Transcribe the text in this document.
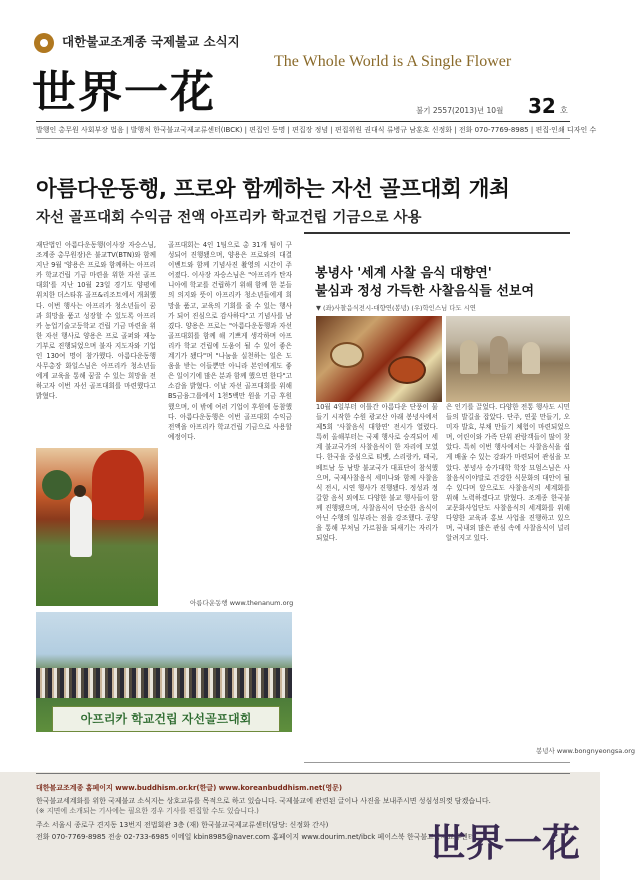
대한불교조계종 국제불교 소식지
世界一花
The Whole World is A Single Flower
불기 2557(2013)년 10월 32 호
발행인 총무원 사회부장 법음 | 발행처 한국불교국제교류센터(IBCK) | 편집인 등명 | 편집장 정념 | 편집위원 권대식 류병규 남훈호 신정화 | 전화 070-7769-8985 | 편집·인쇄 디자인 수
아름다운동행, 프로와 함께하는 자선 골프대회 개최
자선 골프대회 수익금 전액 아프리카 학교건립 기금으로 사용
재단법인 아름다운동행(이사장 자승스님, 조계종 총무원장)은 불교TV(BTN)와 함께 지난 9월 '양용은 프로와 함께하는 아프리카 학교건립 기금 마련을 위한 자선 골프대회'를 지난 10월 23일 경기도 양평에 위치한 더스타휴 골프&리조트에서 개최했다. 이번 행사는 아프리카 청소년들이 꿈과 희망을 품고 성장할 수 있도록 아프리카 농업기술고등학교 건립 기금 마련을 위한 자선 행사로 양용은 프로 골퍼와 재능 기부로 진행되었으며 불자 지도자와 기업인 130여 명이 참가했다. 아름다운동행 사무총장 화일스님은 아프리카 청소년들에게 교육을 통해 꿈꿀 수 있는 희망을 전하고자 이번 자선 골프대회를 마련했다고 밝혔다.
골프대회는 4인 1팀으로 총 31개 팀이 구성되어 진행됐으며, 양용은 프로와의 대결 이벤트와 함께 기념사진 촬영의 시간이 주어졌다. 이사장 자승스님은 "아프리카 탄자니아에 학교를 건립하기 위해 함께 한 분들의 의지와 뜻이 아프리카 청소년들에게 희망을 품고, 교육의 기회를 줄 수 있는 행사가 되어 진심으로 감사하다"고 기념사를 남겼다. 양용은 프로는 "아름다운동행과 자선 골프대회를 함께 해 기쁘게 생각하며 아프리카 학교 건립에 도움이 될 수 있어 좋은 계기가 됐다"며 "나눔을 실천하는 일은 도움을 받는 이들뿐만 아니라 본인에게도 좋은 일이기에 많은 분과 함께 했으면 한다"고 소감을 밝혔다. 이날 자선 골프대회를 위해 BS금융그룹에서 1천5백만 원을 기금 후원했으며, 이 밖에 여러 기업이 후원에 동참했다. 아름다운동행은 이번 골프대회 수익금 전액을 아프리카 학교건립 기금으로 사용할 예정이다.
아름다운동행 www.thenanum.org
아프리카 학교건립 자선골프대회
봉녕사 '세계 사찰 음식 대향연'
불심과 정성 가득한 사찰음식들 선보여
▼ (좌)사찰음식전시-대향연(봉녕) (우)학인스님 다도 시연
10월 4일부터 이틀간 아름다운 단풍이 물들기 시작한 수원 광교산 아래 봉녕사에서 제5회 '사찰음식 대향연' 전시가 열렸다. 특히 올해부터는 국제 행사로 승격되어 세계 불교국가의 사찰음식이 한 자리에 모였다. 한국을 중심으로 티벳, 스리랑카, 태국, 베트남 등 남방 불교국가 대표단이 참석했으며, 국제사찰음식 세미나와 함께 사찰음식 전시, 시연 행사가 진행됐다. 정성과 정갈함 음식 외에도 다양한 불교 행사들이 함께 진행됐으며, 사찰음식이 단순한 음식이 아닌 수행의 일부라는 점을 강조했다. 공양을 통해 부처님 가르침을 되새기는 자리가 되었다.
은 인기를 끌었다. 다양한 전통 행사도 시민들의 발길을 잡았다. 단주, 연꽃 만들기, 오미자 발효, 부채 만들기 체험이 마련되었으며, 어린이와 가족 단위 관람객들이 많이 찾았다. 특히 이번 행사에서는 사찰음식을 쉽게 배울 수 있는 강좌가 마련되어 관심을 모았다. 봉녕사 승가대학 학장 묘엄스님은 사찰음식이야말로 건강한 식문화의 대안이 될 수 있다며 앞으로도 사찰음식의 세계화를 위해 노력하겠다고 밝혔다. 조계종 한국불교문화사업단도 사찰음식의 세계화를 위해 다양한 교육과 홍보 사업을 진행하고 있으며, 국내외 많은 관심 속에 사찰음식이 널리 알려지고 있다.
봉녕사 www.bongnyeongsa.org
대한불교조계종 홈페이지 www.buddhism.or.kr(한글) www.koreanbuddhism.net(영문)
한국불교세계화를 위한 국제불교 소식지는 상호교류를 목적으로 하고 있습니다. 국제불교에 관련된 글이나 사진을 보내주시면 성심성의껏 담겠습니다.
(※ 지면에 소개되는 기사에는 필요한 경우 기사를 편집할 수도 있습니다.)
주소 서울시 종로구 견지동 13번지 전법회관 3층 (재) 한국불교국제교류센터(담당: 신정화 간사)
전화 070-7769-8985 전송 02-733-6985 이메일 kbin8985@naver.com 홈페이지 www.dourim.net/ibck 페이스북 한국불교국제교류센터
世界一花
